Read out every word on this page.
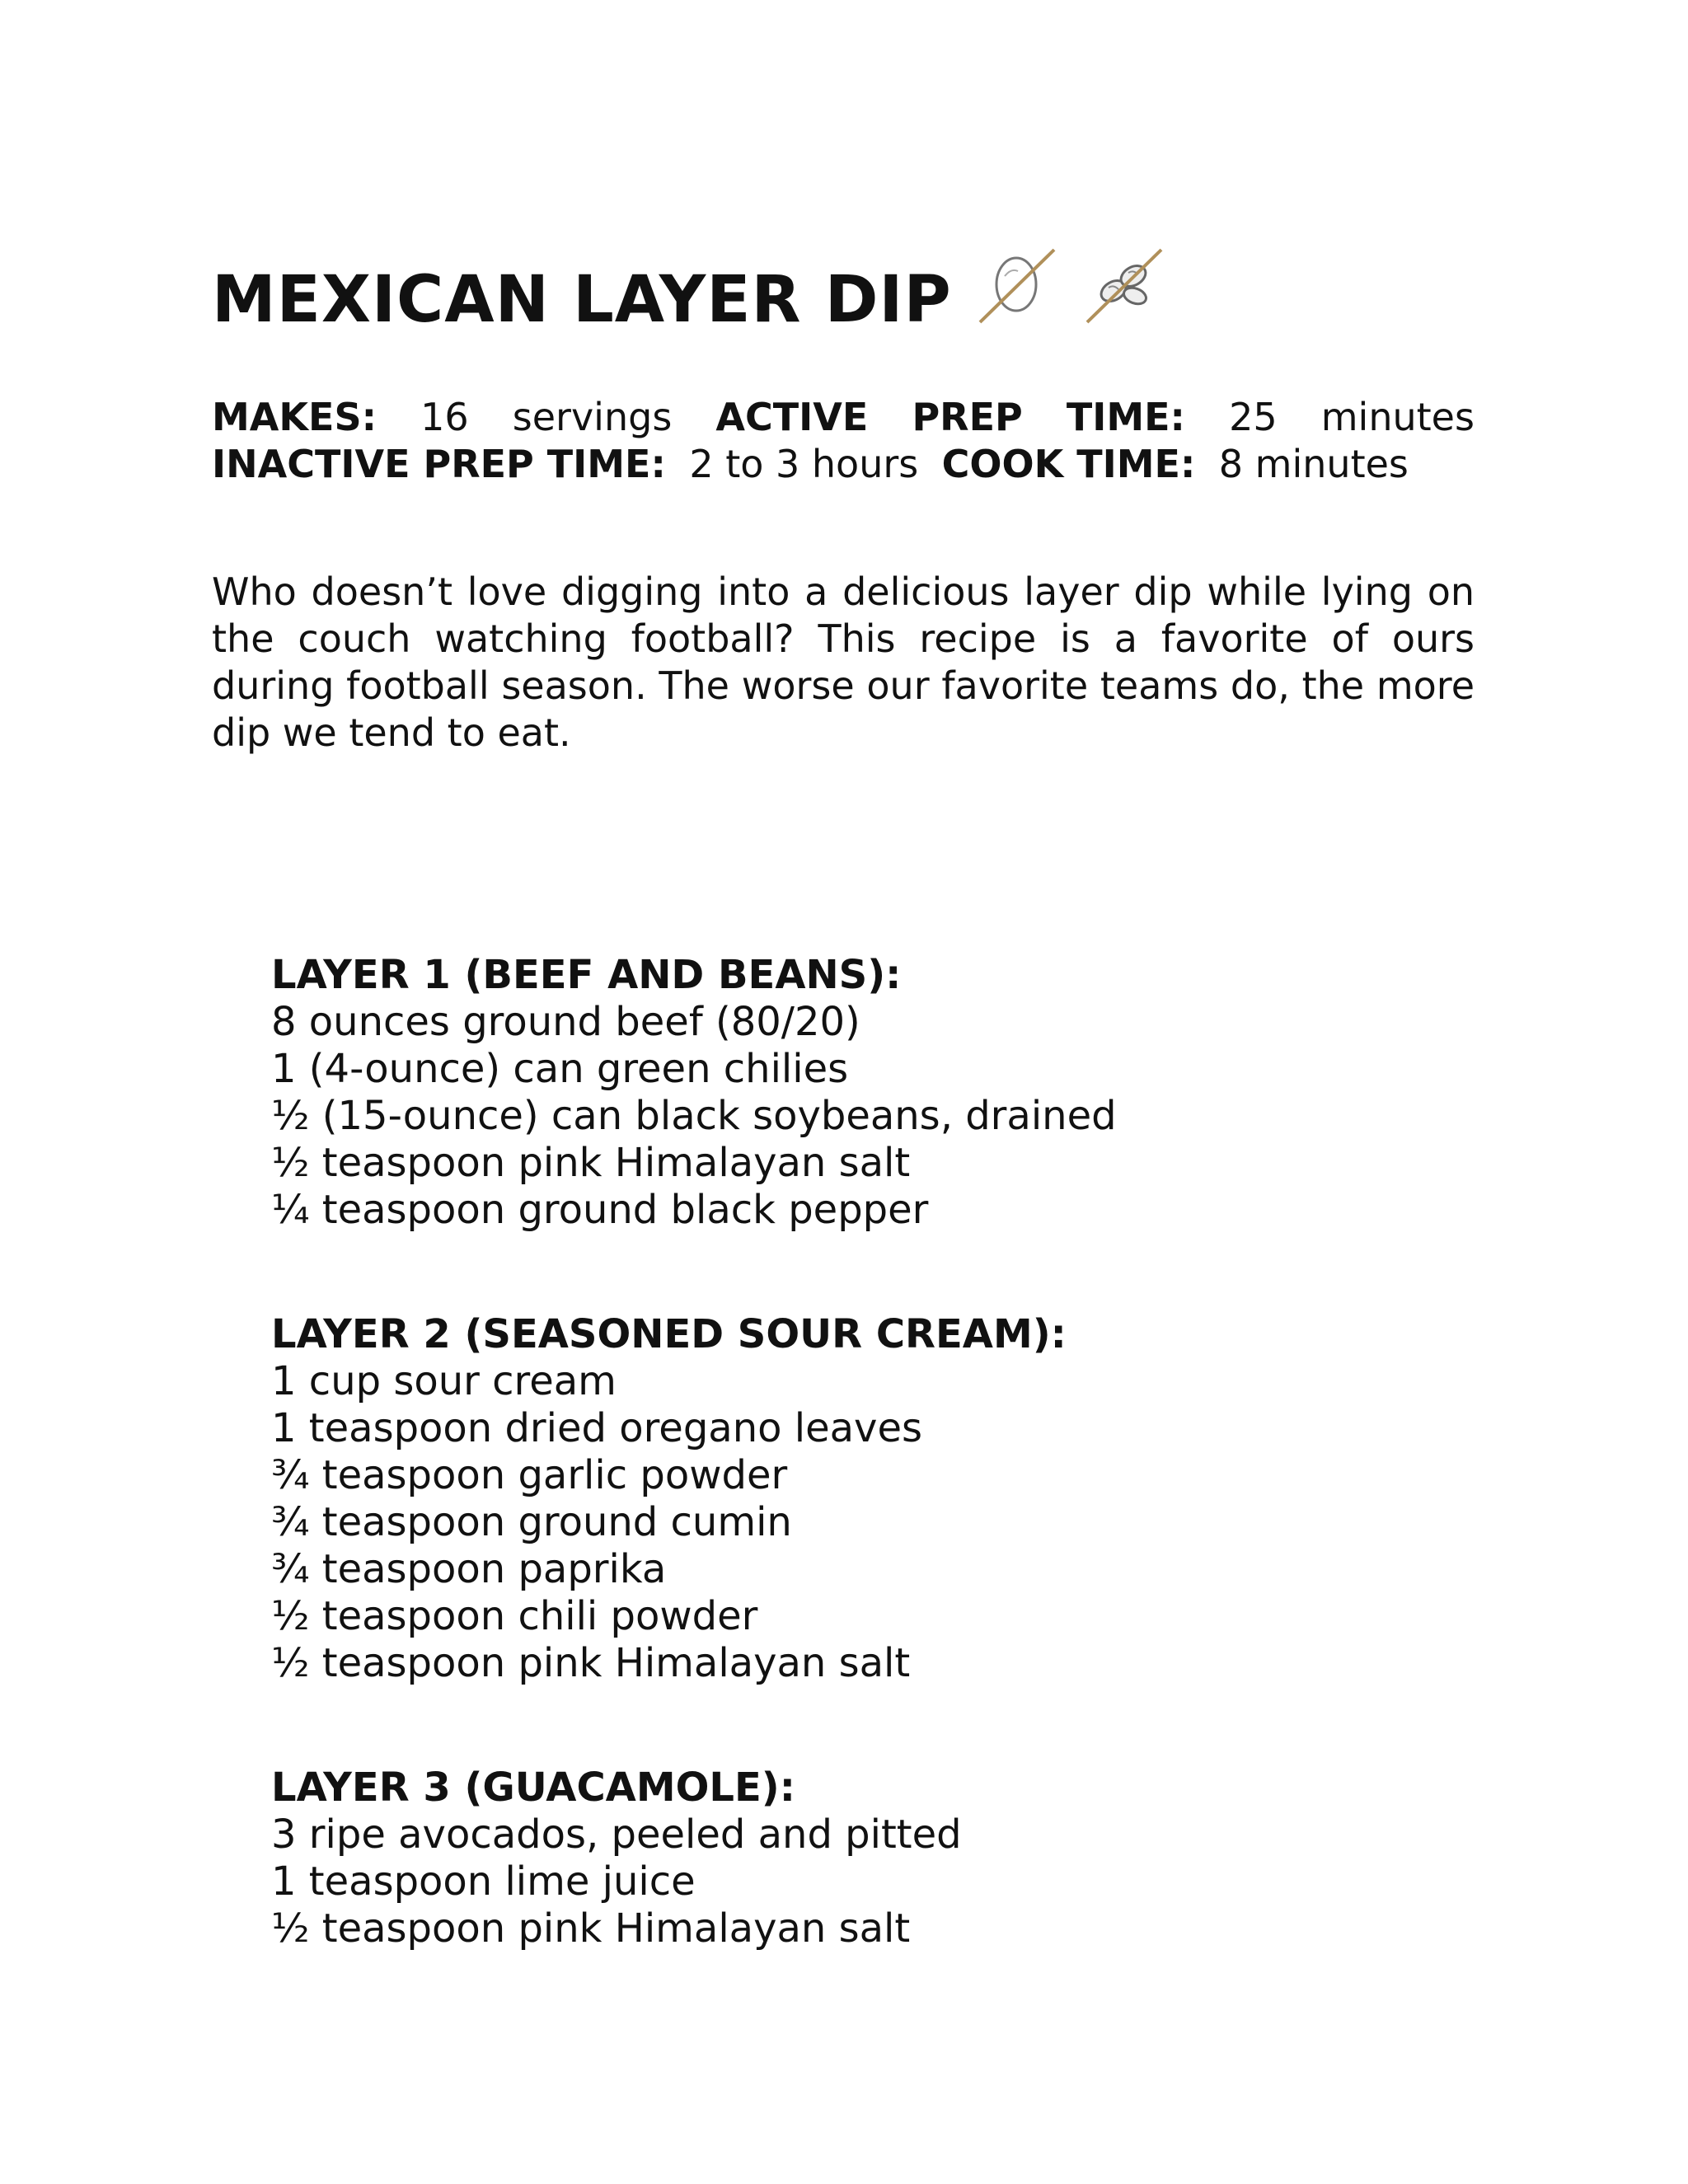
MEXICAN LAYER DIP
MAKES: 16 servings ACTIVE PREP TIME: 25 minutes
INACTIVE PREP TIME: 2 to 3 hours COOK TIME: 8 minutes

Who doesn’t love digging into a delicious layer dip while lying on the couch watching football? This recipe is a favorite of ours during football season. The worse our favorite teams do, the more dip we tend to eat.

LAYER 1 (BEEF AND BEANS):
8 ounces ground beef (80/20)
1 (4-ounce) can green chilies
½ (15-ounce) can black soybeans, drained
½ teaspoon pink Himalayan salt
¼ teaspoon ground black pepper
LAYER 2 (SEASONED SOUR CREAM):
1 cup sour cream
1 teaspoon dried oregano leaves
¾ teaspoon garlic powder
¾ teaspoon ground cumin
¾ teaspoon paprika
½ teaspoon chili powder
½ teaspoon pink Himalayan salt
LAYER 3 (GUACAMOLE):
3 ripe avocados, peeled and pitted
1 teaspoon lime juice
½ teaspoon pink Himalayan salt
